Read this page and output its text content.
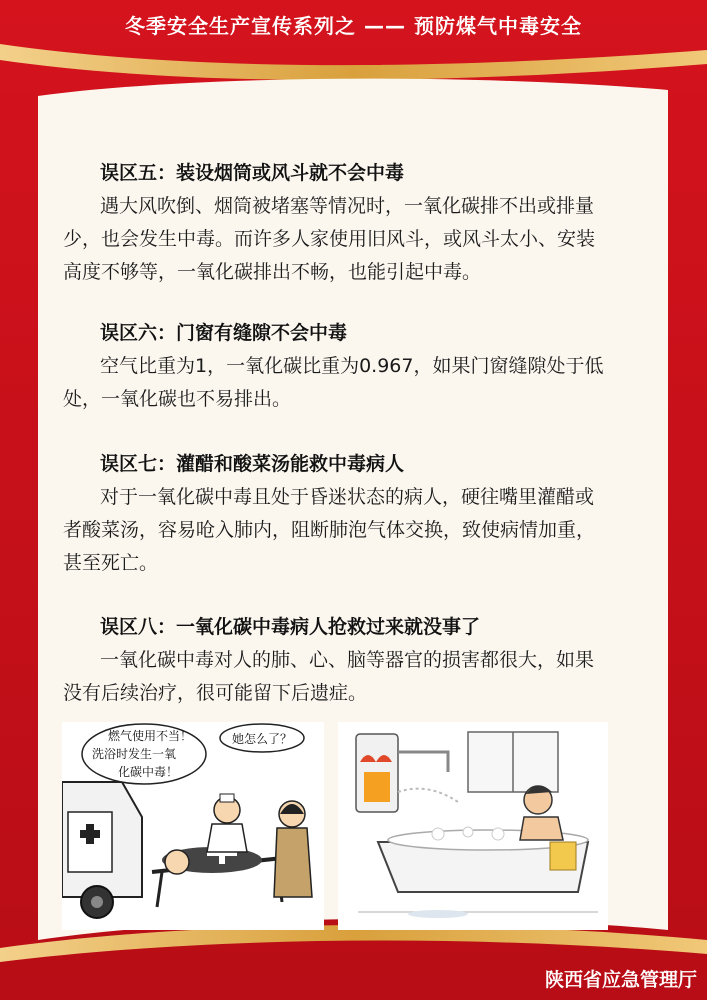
冬季安全生产宣传系列之 —— 预防煤气中毒安全

误区五：装设烟筒或风斗就不会中毒

遇大风吹倒、烟筒被堵塞等情况时，一氧化碳排不出或排量
少，也会发生中毒。而许多人家使用旧风斗，或风斗太小、安装
高度不够等，一氧化碳排出不畅，也能引起中毒。

误区六：门窗有缝隙不会中毒

空气比重为1，一氧化碳比重为0.967，如果门窗缝隙处于低
处，一氧化碳也不易排出。

误区七：灌醋和酸菜汤能救中毒病人

对于一氧化碳中毒且处于昏迷状态的病人，硬往嘴里灌醋或
者酸菜汤，容易呛入肺内，阻断肺泡气体交换，致使病情加重，
甚至死亡。

误区八：一氧化碳中毒病人抢救过来就没事了

一氧化碳中毒对人的肺、心、脑等器官的损害都很大，如果
没有后续治疗，很可能留下后遗症。
燃气使用不当！
洗浴时发生一氧
化碳中毒！
她怎么了？
陕西省应急管理厅
